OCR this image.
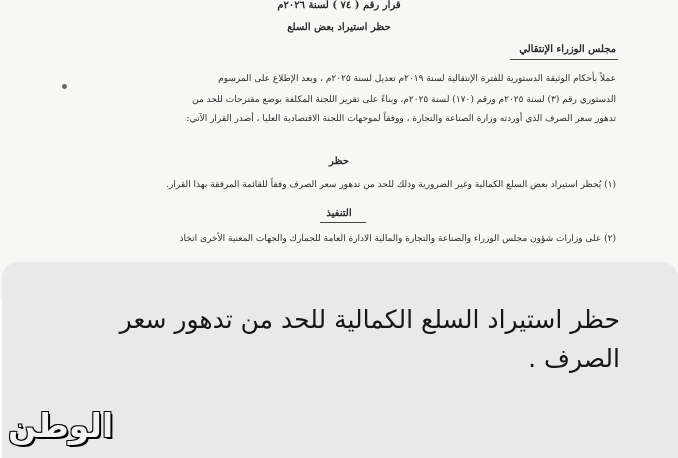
قرار رقم ( ٧٤ ) لسنة ٢٠٢٦م
حظر استيراد بعض السلع
مجلس الوزراء الإنتقالي
عملاً بأحكام الوثيقة الدستورية للفترة الإنتقالية لسنة ٢٠١٩م تعديل لسنة ٢٠٢٥م ، وبعد الإطلاع على المرسوم
الدستوري رقم (٣) لسنة ٢٠٢٥م ورقم (١٧٠) لسنة ٢٠٢٥م، وبناءً على تقرير اللجنة المكلفة بوضع مقترحات للحد من
تدهور سعر الصرف الذي أوردته وزارة الصناعة والتجارة ، ووفقاً لموجهات اللجنة الاقتصادية العليا ، أصدر القرار الآتي:
حظر
(١) يُحظر استيراد بعض السلع الكمالية وغير الضرورية وذلك للحد من تدهور سعر الصرف وفقاً للقائمة المرفقة بهذا القرار.
التنفيذ
(٢) على وزارات شؤون مجلس الوزراء والصناعة والتجارة والمالية الادارة العامة للجمارك والجهات المعنية الأخرى اتخاذ
حظر استيراد السلع الكمالية للحد من تدهور سعر الصرف .
الوطن
